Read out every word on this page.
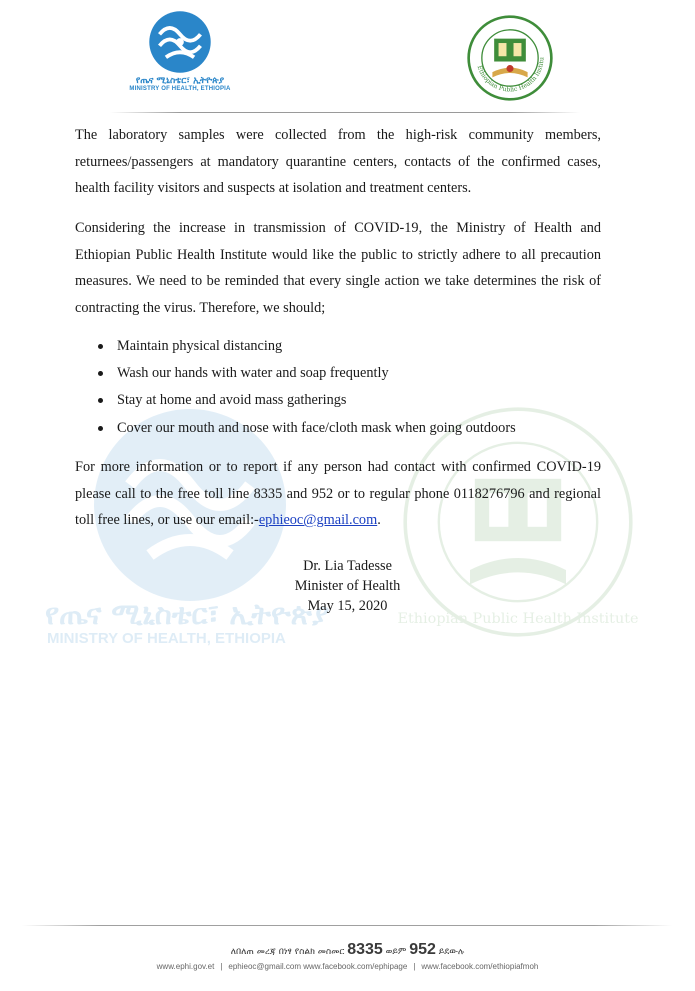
የጤና ሚኒስቴር፣ ኢትዮጵያ
MINISTRY OF HEALTH, ETHIOPIA
Ethiopian Public Health Institute
የጤና ሚኒስቴር፣ ኢትዮጵያ
MINISTRY OF HEALTH, ETHIOPIA
Ethiopian Public Health Institu

The laboratory samples were collected from the high-risk community members, returnees/passengers at mandatory quarantine centers, contacts of the confirmed cases, health facility visitors and suspects at isolation and treatment centers.

Considering the increase in transmission of COVID-19, the Ministry of Health and Ethiopian Public Health Institute would like the public to strictly adhere to all precaution measures. We need to be reminded that every single action we take determines the risk of contracting the virus. Therefore, we should;

Maintain physical distancing
Wash our hands with water and soap frequently
Stay at home and avoid mass gatherings
Cover our mouth and nose with face/cloth mask when going outdoors

For more information or to report if any person had contact with confirmed COVID-19 please call to the free toll line 8335 and 952 or to regular phone 0118276796 and regional toll free lines, or use our email:-ephieoc@gmail.com.

Dr. Lia Tadesse
Minister of Health
May 15, 2020
ለበለጠ መረጃ በነፃ የስልክ መስመር 8335 ወይም 952 ይደውሉ
www.ephi.gov.et | ephieoc@gmail.com www.facebook.com/ephipage | www.facebook.com/ethiopiafmoh
